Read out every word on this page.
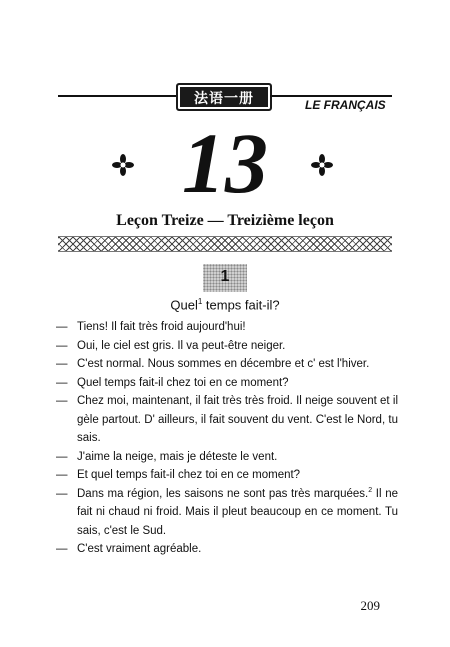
法语一册	LE FRANÇAIS
13
Leçon Treize — Treizième leçon
1
Quel$^1$ temps fait-il?
— Tiens! Il fait très froid aujourd'hui!
— Oui, le ciel est gris. Il va peut-être neiger.
— C'est normal. Nous sommes en décembre et c' est l'hiver.
— Quel temps fait-il chez toi en ce moment?
— Chez moi, maintenant, il fait très très froid. Il neige souvent et il gèle partout. D' ailleurs, il fait souvent du vent. C'est le Nord, tu sais.
— J'aime la neige, mais je déteste le vent.
— Et quel temps fait-il chez toi en ce moment?
— Dans ma région, les saisons ne sont pas très marquées.$^2$ Il ne fait ni chaud ni froid. Mais il pleut beaucoup en ce moment. Tu sais, c'est le Sud.
— C'est vraiment agréable.
209
